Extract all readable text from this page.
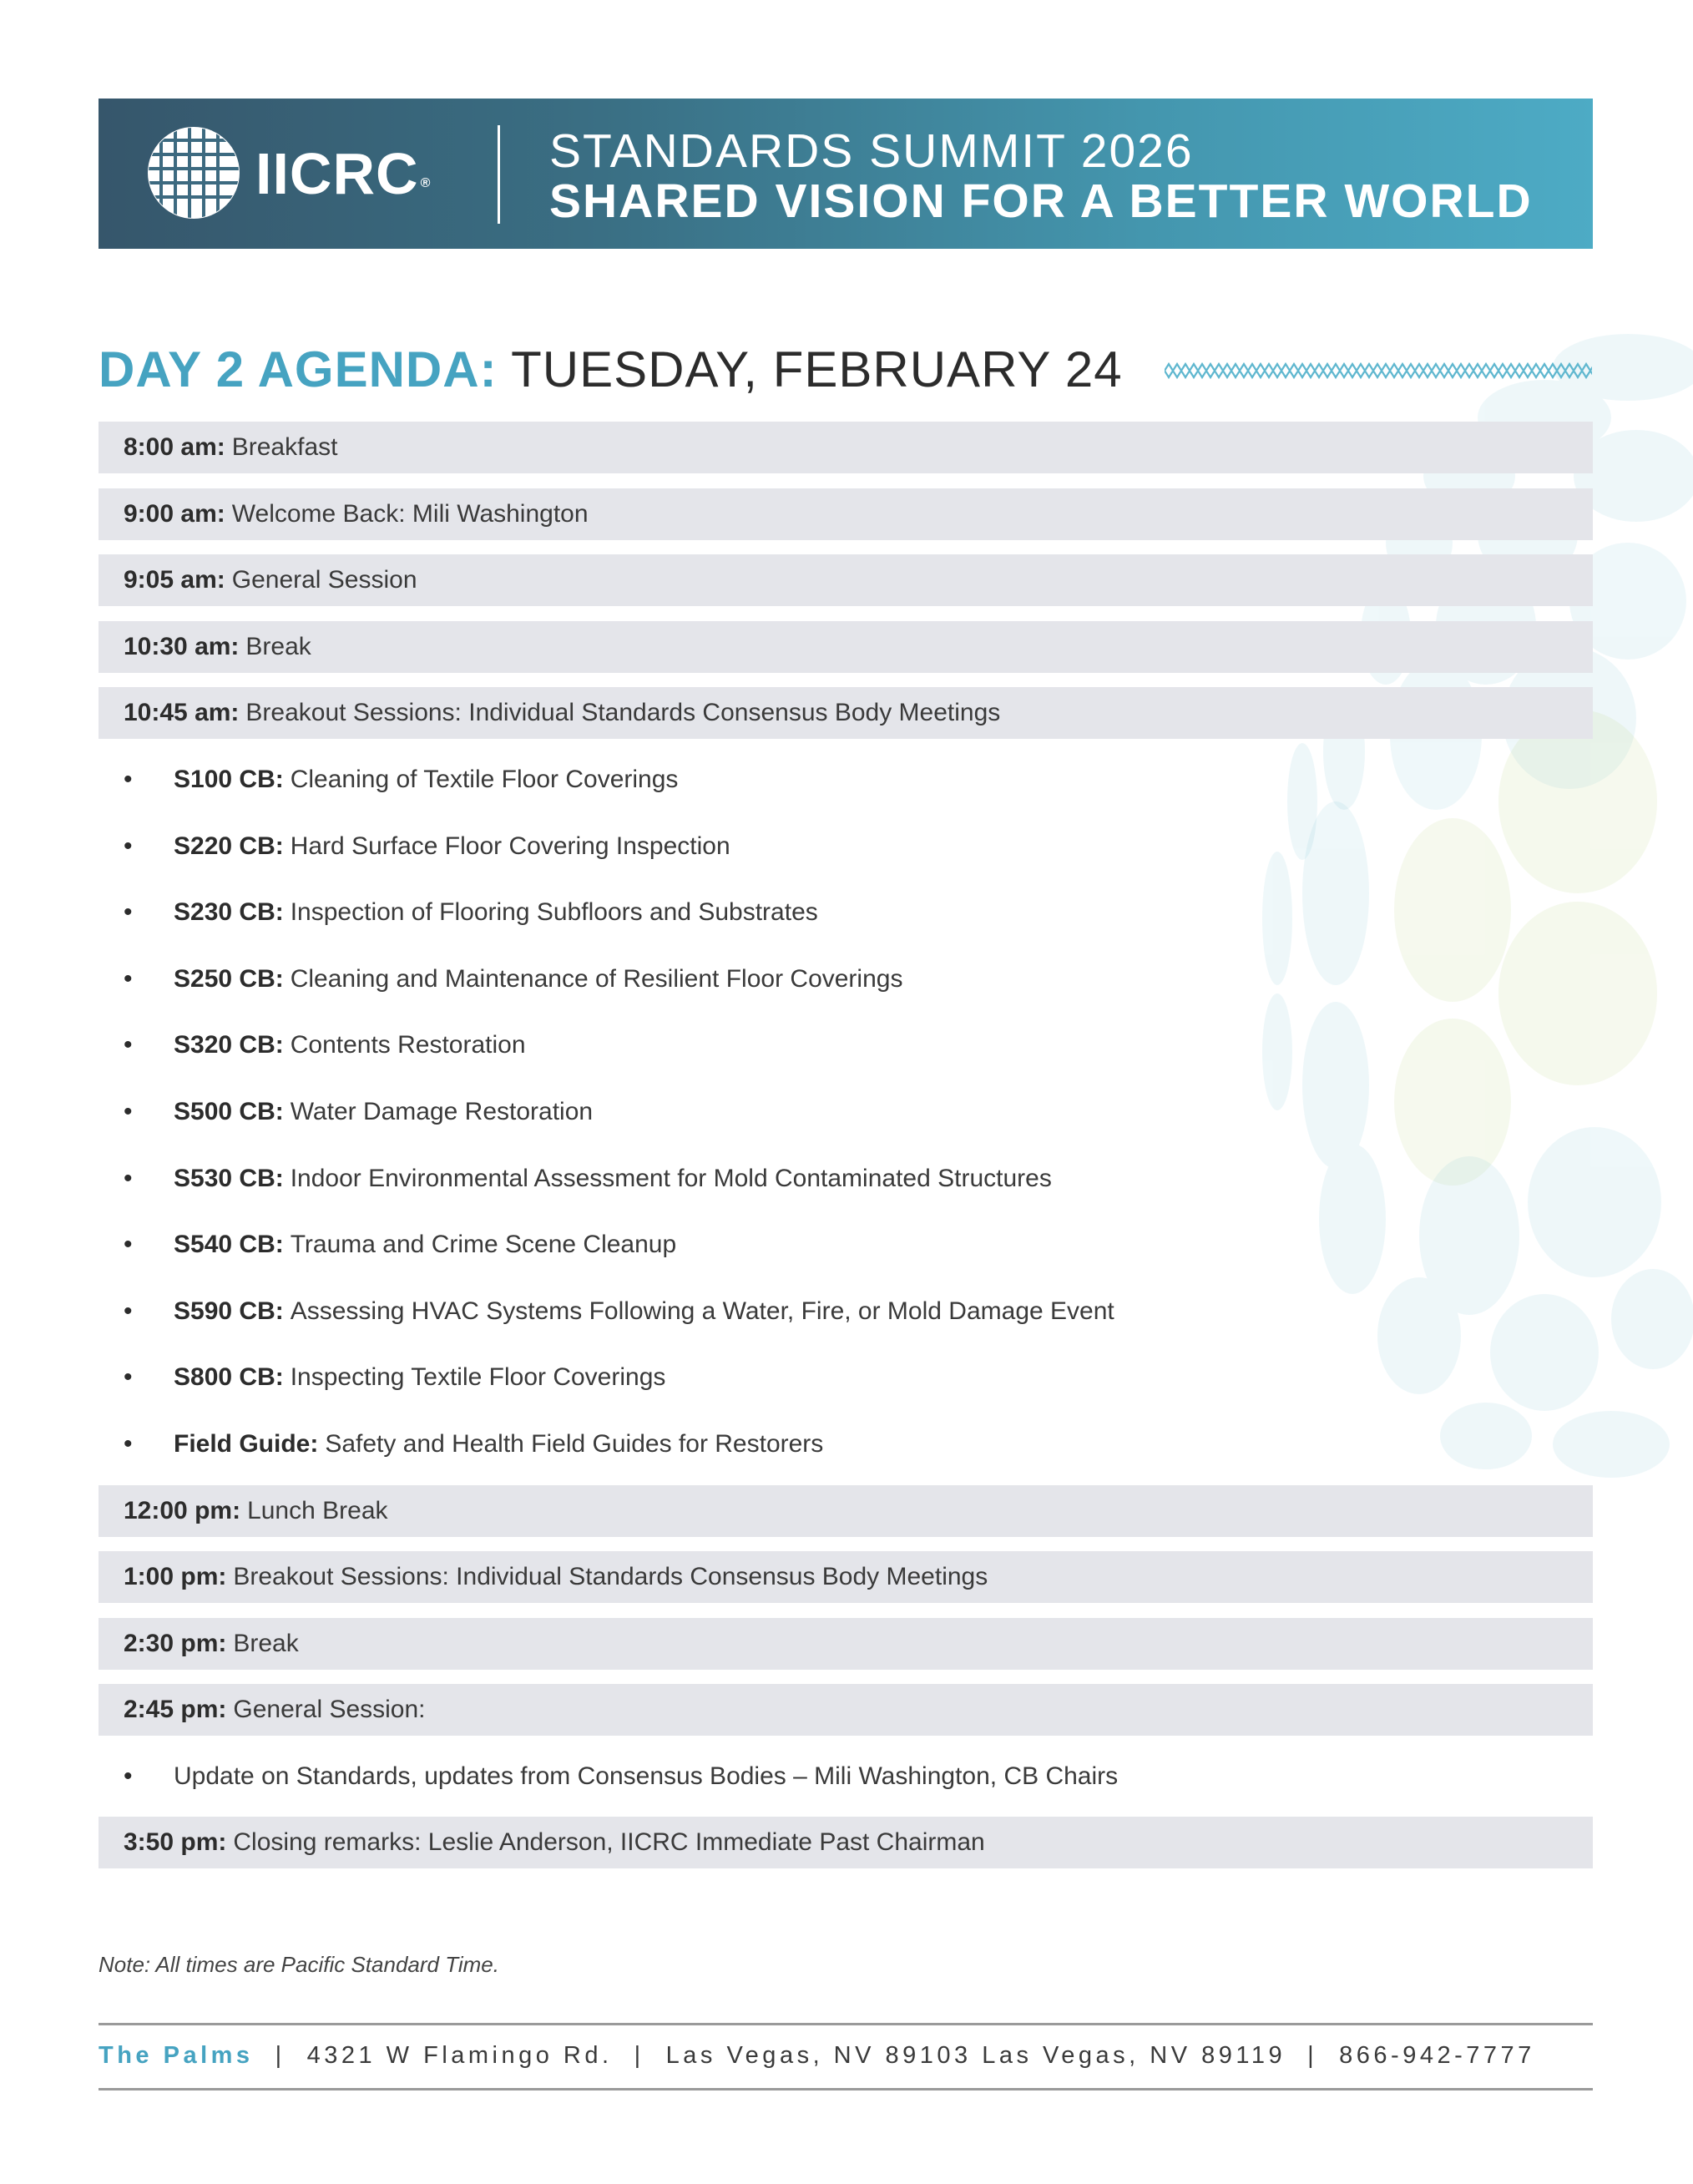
IICRC ®
STANDARDS SUMMIT 2026
SHARED VISION FOR A BETTER WORLD
DAY 2 AGENDA: TUESDAY, FEBRUARY 24
8:00 am: Breakfast
9:00 am: Welcome Back: Mili Washington
9:05 am: General Session
10:30 am: Break
10:45 am: Breakout Sessions: Individual Standards Consensus Body Meetings
•	S100 CB: Cleaning of Textile Floor Coverings
•	S220 CB: Hard Surface Floor Covering Inspection
•	S230 CB: Inspection of Flooring Subfloors and Substrates
•	S250 CB: Cleaning and Maintenance of Resilient Floor Coverings
•	S320 CB: Contents Restoration
•	S500 CB: Water Damage Restoration
•	S530 CB: Indoor Environmental Assessment for Mold Contaminated Structures
•	S540 CB: Trauma and Crime Scene Cleanup
•	S590 CB: Assessing HVAC Systems Following a Water, Fire, or Mold Damage Event
•	S800 CB: Inspecting Textile Floor Coverings
•	Field Guide: Safety and Health Field Guides for Restorers
12:00 pm: Lunch Break
1:00 pm: Breakout Sessions: Individual Standards Consensus Body Meetings
2:30 pm: Break
2:45 pm: General Session:
•	Update on Standards, updates from Consensus Bodies – Mili Washington, CB Chairs
3:50 pm: Closing remarks: Leslie Anderson, IICRC Immediate Past Chairman
Note: All times are Pacific Standard Time.
The Palms | 4321 W Flamingo Rd. | Las Vegas, NV 89103 Las Vegas, NV 89119 | 866-942-7777
